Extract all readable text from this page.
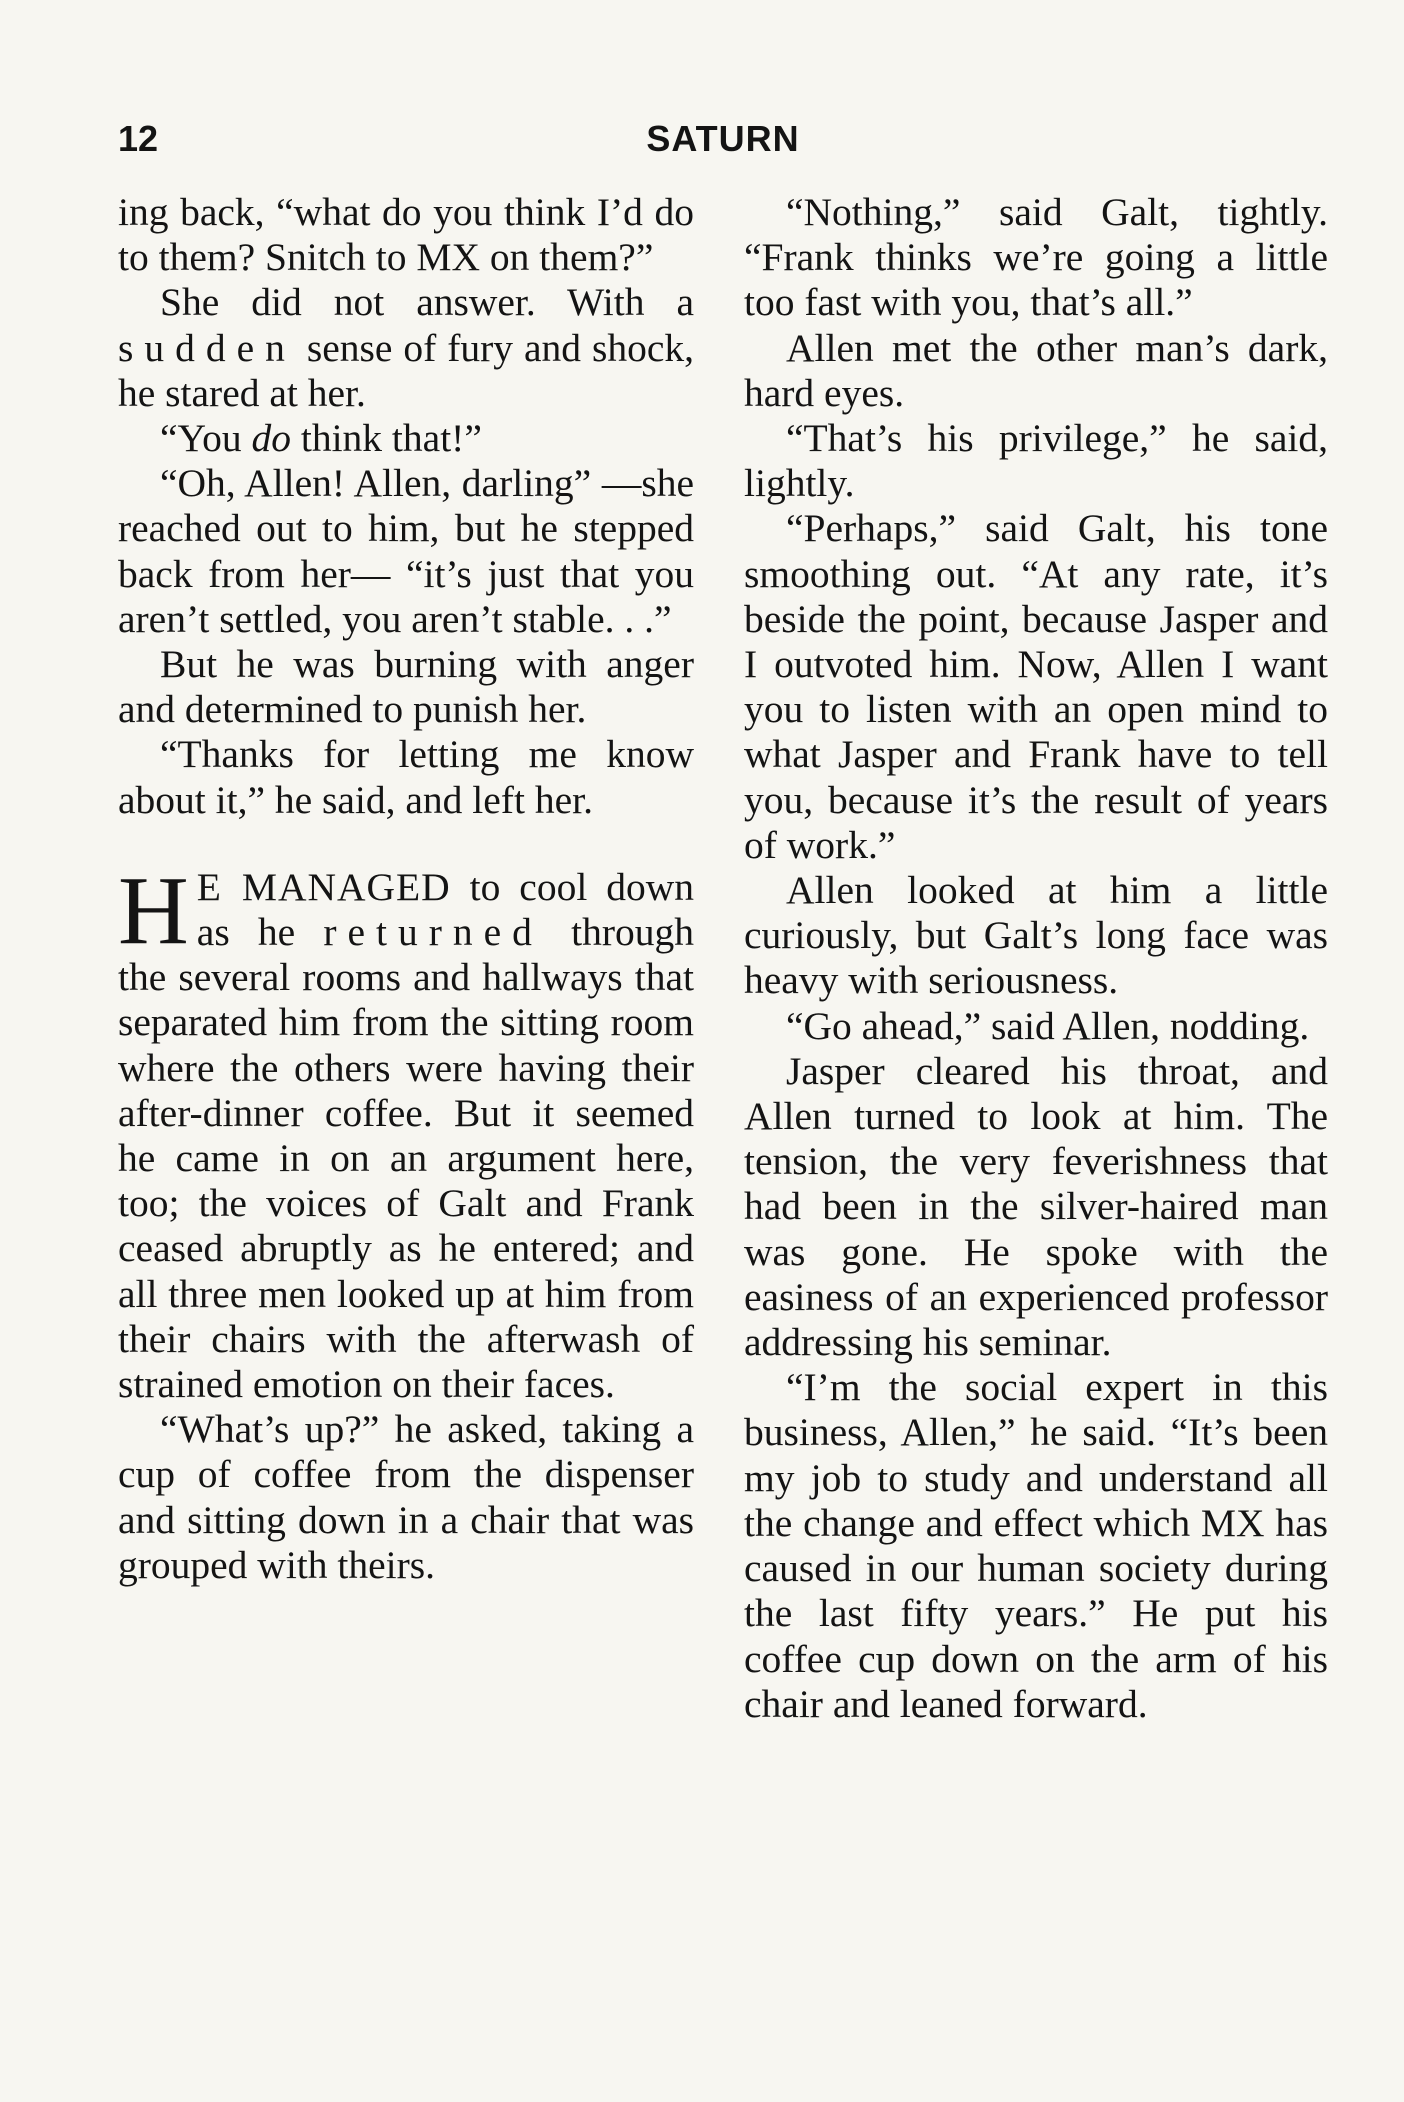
SATURN
12

ing back, “what do you think I’d do to them? Snitch to MX on them?”

She did not answer. With a sudden sense of fury and shock, he stared at her.

“You do think that!”

“Oh, Allen! Allen, darling” —she reached out to him, but he stepped back from her— “it’s just that you aren’t settled, you aren’t stable. . .”

But he was burning with anger and determined to punish her.

“Thanks for letting me know about it,” he said, and left her.

H E MANAGED to cool down as he returned through the several rooms and hallways that separated him from the sitting room where the others were having their after-dinner coffee. But it seemed he came in on an argument here, too; the voices of Galt and Frank ceased abruptly as he entered; and all three men looked up at him from their chairs with the afterwash of strained emotion on their faces.

“What’s up?” he asked, taking a cup of coffee from the dispenser and sitting down in a chair that was grouped with theirs.

“Nothing,” said Galt, tightly. “Frank thinks we’re going a little too fast with you, that’s all.”

Allen met the other man’s dark, hard eyes.

“That’s his privilege,” he said, lightly.

“Perhaps,” said Galt, his tone smoothing out. “At any rate, it’s beside the point, because Jasper and I outvoted him. Now, Allen I want you to listen with an open mind to what Jasper and Frank have to tell you, because it’s the result of years of work.”

Allen looked at him a little curiously, but Galt’s long face was heavy with seriousness.

“Go ahead,” said Allen, nodding.

Jasper cleared his throat, and Allen turned to look at him. The tension, the very feverishness that had been in the silver-haired man was gone. He spoke with the easiness of an experienced professor addressing his seminar.

“I’m the social expert in this business, Allen,” he said. “It’s been my job to study and understand all the change and effect which MX has caused in our human society during the last fifty years.” He put his coffee cup down on the arm of his chair and leaned forward.
